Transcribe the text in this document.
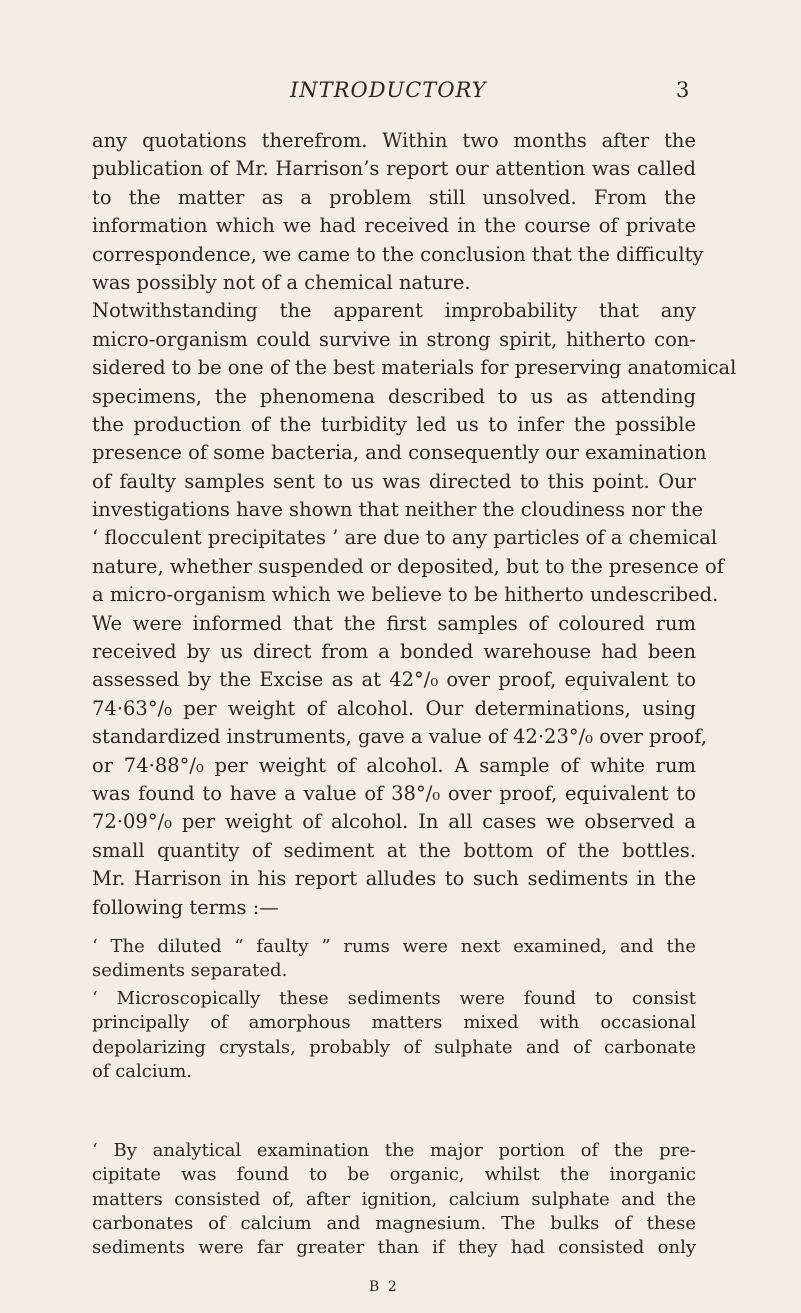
INTRODUCTORY	3
any quotations therefrom. Within two months after the
publication of Mr. Harrison’s report our attention was called
to the matter as a problem still unsolved. From the
information which we had received in the course of private
correspondence, we came to the conclusion that the difficulty
was possibly not of a chemical nature.
Notwithstanding the apparent improbability that any
micro-organism could survive in strong spirit, hitherto con-
sidered to be one of the best materials for preserving anatomical
specimens, the phenomena described to us as attending
the production of the turbidity led us to infer the possible
presence of some bacteria, and consequently our examination
of faulty samples sent to us was directed to this point. Our
investigations have shown that neither the cloudiness nor the
‘ flocculent precipitates ’ are due to any particles of a chemical
nature, whether suspended or deposited, but to the presence of
a micro-organism which we believe to be hitherto undescribed.
We were informed that the first samples of coloured rum
received by us direct from a bonded warehouse had been
assessed by the Excise as at 42°/₀ over proof, equivalent to
74·63°/₀ per weight of alcohol. Our determinations, using
standardized instruments, gave a value of 42·23°/₀ over proof,
or 74·88°/₀ per weight of alcohol. A sample of white rum
was found to have a value of 38°/₀ over proof, equivalent to
72·09°/₀ per weight of alcohol. In all cases we observed a
small quantity of sediment at the bottom of the bottles.
Mr. Harrison in his report alludes to such sediments in the
following terms :—
‘ The diluted “ faulty ” rums were next examined, and the
sediments separated.
‘ Microscopically these sediments were found to consist
principally of amorphous matters mixed with occasional
depolarizing crystals, probably of sulphate and of carbonate
of calcium.
‘ By analytical examination the major portion of the pre-
cipitate was found to be organic, whilst the inorganic
matters consisted of, after ignition, calcium sulphate and the
carbonates of calcium and magnesium. The bulks of these
sediments were far greater than if they had consisted only
B 2
